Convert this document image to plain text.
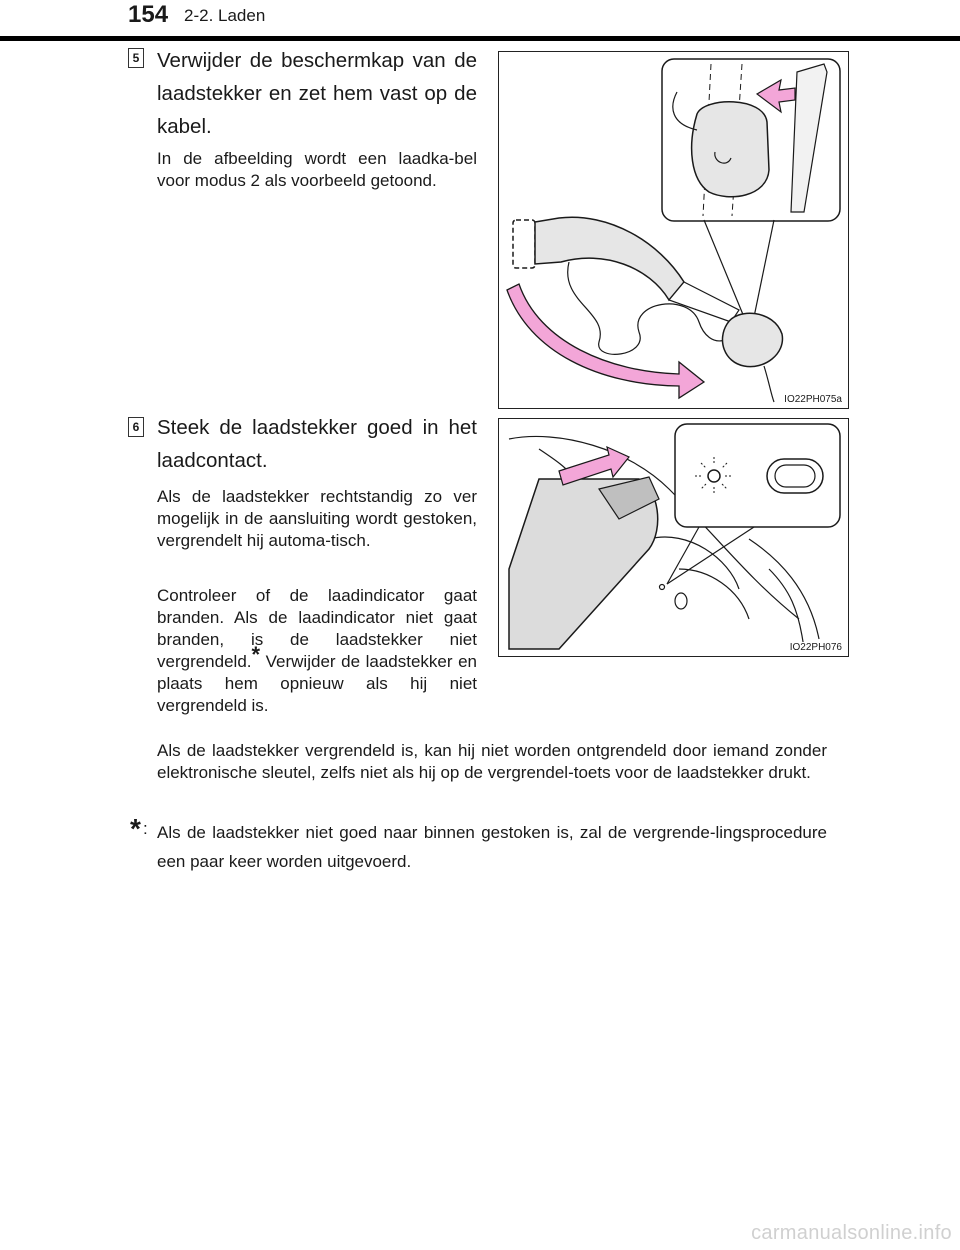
154 2-2. Laden
5 Verwijder de beschermkap van de laadstekker en zet hem vast op de kabel.
In de afbeelding wordt een laadka-bel voor modus 2 als voorbeeld getoond.
IO22PH075a
6 Steek de laadstekker goed in het laadcontact.
Als de laadstekker rechtstandig zo ver mogelijk in de aansluiting wordt gestoken, vergrendelt hij automa-tisch.
Controleer of de laadindicator gaat branden. Als de laadindicator niet gaat branden, is de laadstekker niet vergrendeld.* Verwijder de laadstekker en plaats hem opnieuw als hij niet vergrendeld is.
Als de laadstekker vergrendeld is, kan hij niet worden ontgrendeld door iemand zonder elektronische sleutel, zelfs niet als hij op de vergrendel-toets voor de laadstekker drukt.
IO22PH076
* : Als de laadstekker niet goed naar binnen gestoken is, zal de vergrende-lingsprocedure een paar keer worden uitgevoerd.
carmanualsonline.info
